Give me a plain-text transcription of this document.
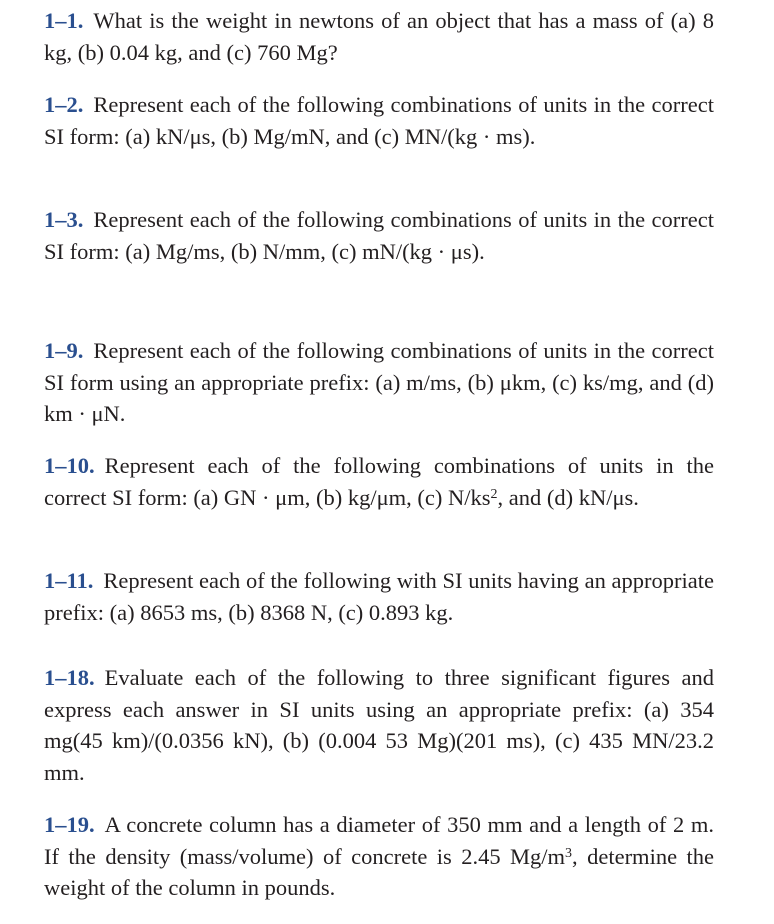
1–1. What is the weight in newtons of an object that has a mass of (a) 8 kg, (b) 0.04 kg, and (c) 760 Mg?

1–2. Represent each of the following combinations of units in the correct SI form: (a) kN/μs, (b) Mg/mN, and (c) MN/(kg · ms).

1–3. Represent each of the following combinations of units in the correct SI form: (a) Mg/ms, (b) N/mm, (c) mN/(kg · μs).

1–9. Represent each of the following combinations of units in the correct SI form using an appropriate prefix: (a) m/ms, (b) μkm, (c) ks/mg, and (d) km · μN.

1–10. Represent each of the following combinations of units in the correct SI form: (a) GN · μm, (b) kg/μm, (c) $N/ks^2$, and (d) kN/μs.

1–11. Represent each of the following with SI units having an appropriate prefix: (a) 8653 ms, (b) 8368 N, (c) 0.893 kg.

1–18. Evaluate each of the following to three significant figures and express each answer in SI units using an appropriate prefix: (a) 354 mg(45 km)/(0.0356 kN), (b) (0.004 53 Mg)(201 ms), (c) 435 MN/23.2 mm.

1–19. A concrete column has a diameter of 350 mm and a length of 2 m. If the density (mass/volume) of concrete is 2.45 $Mg/m^3$, determine the weight of the column in pounds.
